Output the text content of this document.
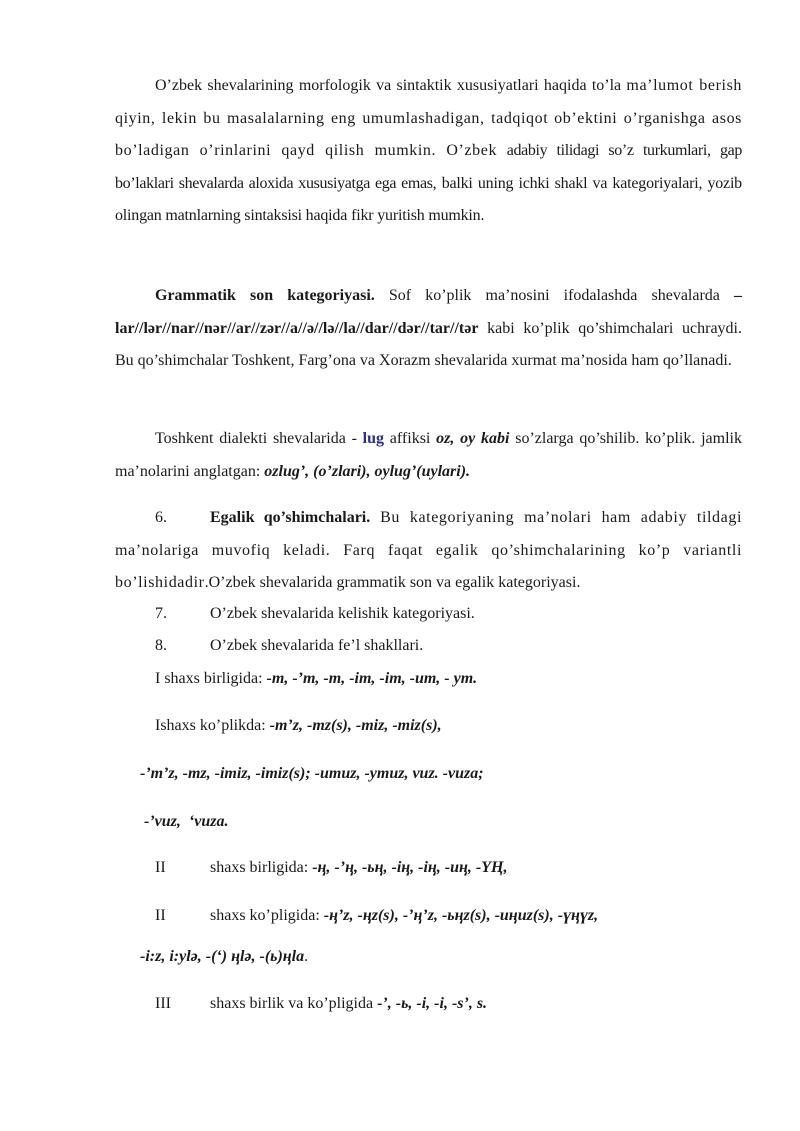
O’zbek shevalarining morfologik va sintaktik xususiyatlari haqida to’la ma’lumot berish qiyin, lekin bu masalalarning eng umumlashadigan, tadqiqot ob’ektini o’rganishga asos bo’ladigan o’rinlarini qayd qilish mumkin. O’zbek adabiy tilidagi so’z turkumlari, gap bo’laklari shevalarda aloxida xususiyatga ega emas, balki uning ichki shakl va kategoriyalari, yozib olingan matnlarning sintaksisi haqida fikr yuritish mumkin.
Grammatik son kategoriyasi. Sof ko’plik ma’nosini ifodalashda shevalarda –lar//lər//nar//nər//ar//zər//a//ə//lə//la//dar//dər//tar//tər kabi ko’plik qo’shimchalari uchraydi. Bu qo’shimchalar Toshkent, Farg’ona va Xorazm shevalarida xurmat ma’nosida ham qo’llanadi.
Toshkent dialekti shevalarida - lug affiksi oz, oy kabi so’zlarga qo’shilib. ko’plik. jamlik ma’nolarini anglatgan: ozlug’, (o’zlari), oylug’(uylari).
6.	Egalik qo’shimchalari. Bu kategoriyaning ma’nolari ham adabiy tildagi ma’nolariga muvofiq keladi. Farq faqat egalik qo’shimchalarining ko’p variantli bo’lishidadir.O’zbek shevalarida grammatik son va egalik kategoriyasi.

7.	O’zbek shevalarida kelishik kategoriyasi.

8.	O’zbek shevalarida fe’l shakllari.

I shaxs birligida: -m, -’m, -m, -im, -im, -um, - ym.

Ishaxs ko’plikda: -m’z, -mz(s), -miz, -miz(s),

-’m’z, -mz, -imiz, -imiz(s); -umuz, -ymuz, vuz. -vuza;

-’vuz,  ‘vuza.

II	shaxs birligida: -ң, -’ң, -ьң, -iң, -iң, -uң, -YҢ,

II	shaxs ko’pligida: -ң’z, -ңz(s), -’ң’z, -ьңz(s), -uңuz(s), -үңүz,

-i:z, i:ylə, -(‘) ңlə, -(ь)ңla.

III shaxs birlik va ko’pligida -’, -ь, -i, -i, -s’, s.
